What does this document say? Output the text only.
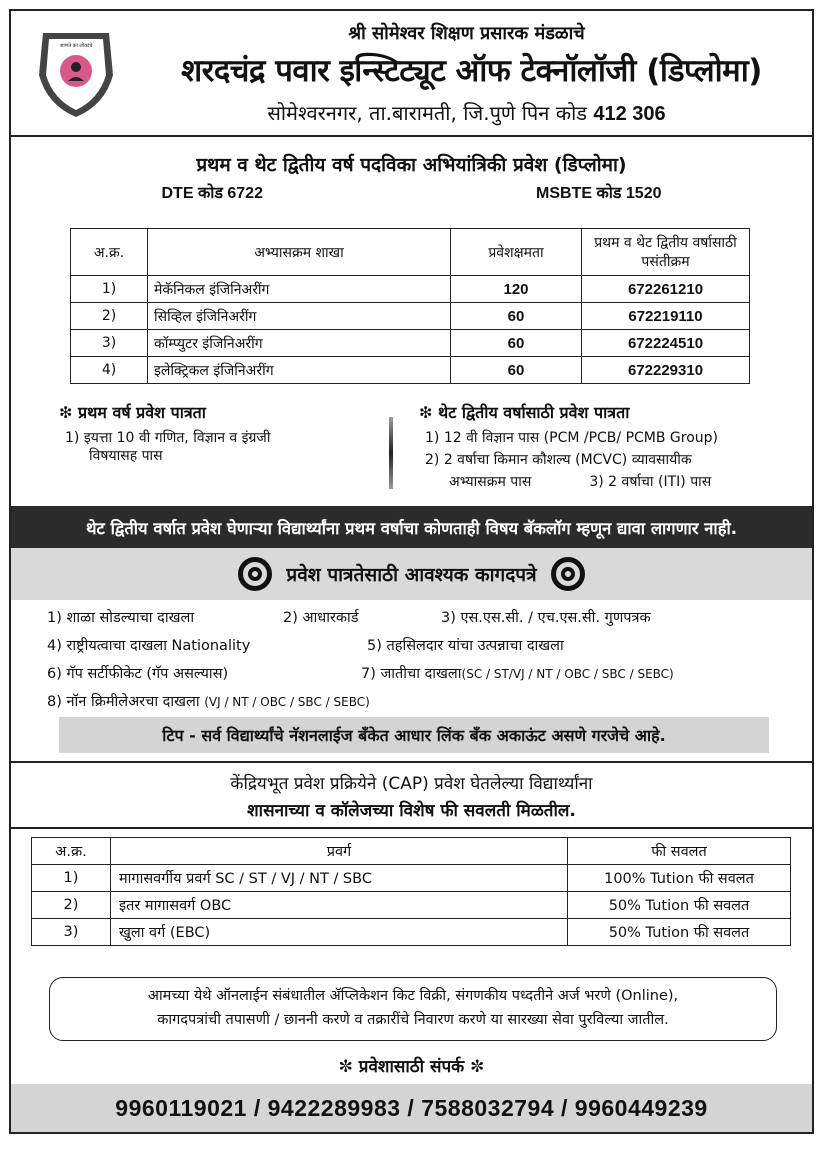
जाणते कां लोकांचे
श्री सोमेश्वर शिक्षण प्रसारक मंडळाचे
शरदचंद्र पवार इन्स्टिट्यूट ऑफ टेक्नॉलॉजी (डिप्लोमा)
सोमेश्वरनगर, ता.बारामती, जि.पुणे पिन कोड 412 306
प्रथम व थेट द्वितीय वर्ष पदविका अभियांत्रिकी प्रवेश (डिप्लोमा)
DTE कोड 6722	MSBTE कोड 1520
अ.क्र.	अभ्यासक्रम शाखा	प्रवेशक्षमता	प्रथम व थेट द्वितीय वर्षासाठी पसंतीक्रम
1)	मेकॅनिकल इंजिनिअरींग	120	672261210
2)	सिव्हिल इंजिनिअरींग	60	672219110
3)	कॉम्प्युटर इंजिनिअरींग	60	672224510
4)	इलेक्ट्रिकल इंजिनिअरींग	60	672229310
❇ प्रथम वर्ष प्रवेश पात्रता
1) इयत्ता 10 वी गणित, विज्ञान व इंग्रजी
विषयासह पास
❇ थेट द्वितीय वर्षासाठी प्रवेश पात्रता
1) 12 वी विज्ञान पास (PCM /PCB/ PCMB Group)
2) 2 वर्षाचा किमान कौशल्य (MCVC) व्यावसायीक
अभ्यासक्रम पास	3) 2 वर्षाचा (ITI) पास
थेट द्वितीय वर्षात प्रवेश घेणाऱ्या विद्यार्थ्यांना प्रथम वर्षाचा कोणताही विषय बॅकलॉग म्हणून द्यावा लागणार नाही.
प्रवेश पात्रतेसाठी आवश्यक कागदपत्रे
1) शाळा सोडल्याचा दाखला	2) आधारकार्ड	3) एस.एस.सी. / एच.एस.सी. गुणपत्रक
4) राष्ट्रीयत्वाचा दाखला Nationality	5) तहसिलदार यांचा उत्पन्नाचा दाखला
6) गॅप सर्टीफीकेट (गॅप असल्यास)	7) जातीचा दाखला(SC / ST/VJ / NT / OBC / SBC / SEBC)
8) नॉन क्रिमीलेअरचा दाखला (VJ / NT / OBC / SBC / SEBC)
टिप - सर्व विद्यार्थ्यांचे नॅशनलाईज बँकेत आधार लिंक बँक अकाऊंट असणे गरजेचे आहे.
केंद्रियभूत प्रवेश प्रक्रियेने (CAP) प्रवेश घेतलेल्या विद्यार्थ्यांना
शासनाच्या व कॉलेजच्या विशेष फी सवलती मिळतील.
अ.क्र.	प्रवर्ग	फी सवलत
1)	मागासवर्गीय प्रवर्ग SC / ST / VJ / NT / SBC	100% Tution फी सवलत
2)	इतर मागासवर्ग OBC	50% Tution फी सवलत
3)	खुला वर्ग (EBC)	50% Tution फी सवलत
आमच्या येथे ऑनलाईन संबंधातील ॲप्लिकेशन किट विक्री, संगणकीय पध्दतीने अर्ज भरणे (Online),
कागदपत्रांची तपासणी / छाननी करणे व तक्रारींचे निवारण करणे या सारख्या सेवा पुरविल्या जातील.
✼ प्रवेशासाठी संपर्क ✼
9960119021 / 9422289983 / 7588032794 / 9960449239
